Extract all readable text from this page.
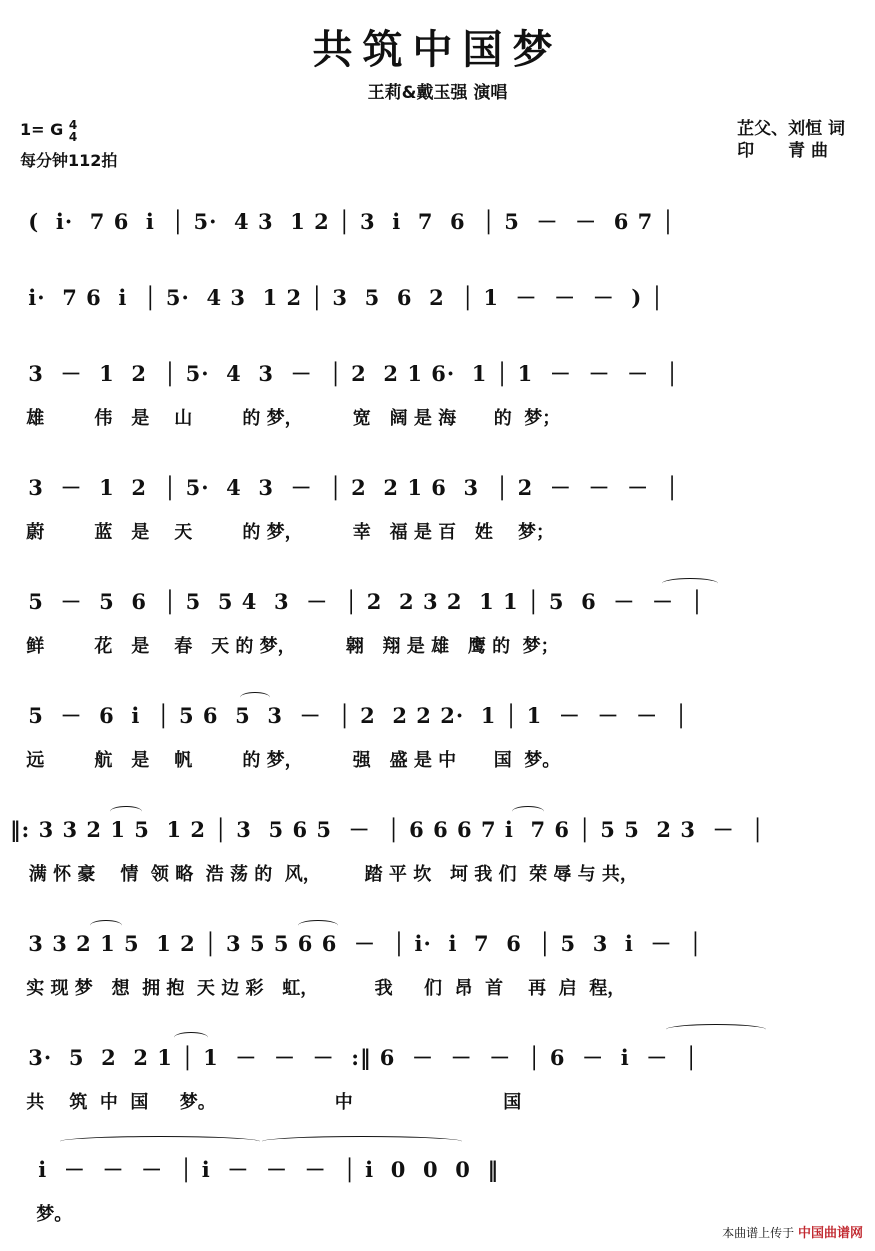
共筑中国梦
王莉&戴玉强 演唱
1= G 4
4
每分钟112拍
芷父、刘恒 词
印　　青 曲
(  i·  7 6  i  │ 5·  4 3  1 2 │ 3  i  7  6  │ 5  －  －  6 7 │
i·  7 6  i  │ 5·  4 3  1 2 │ 3  5  6  2  │ 1  －  －  －  ) │
3  －  1  2  │ 5·  4  3  －  │ 2  2 1 6·  1 │ 1  －  －  －  │
雄        伟   是    山        的 梦，        宽   阔 是 海      的  梦；
3  －  1  2  │ 5·  4  3  －  │ 2  2 1 6  3  │ 2  －  －  －  │
蔚        蓝   是    天        的 梦，        幸   福 是 百   姓    梦；
5  －  5  6  │ 5  5 4  3  －  │ 2  2 3 2  1 1 │ 5  6  －  －  │
鲜        花   是    春   天 的 梦，        翱   翔 是 雄   鹰 的  梦；
5  －  6  i  │ 5 6  5  3  －  │ 2  2 2 2·  1 │ 1  －  －  －  │
远        航   是    帆        的 梦，        强   盛 是 中      国  梦。
‖: 3 3 2 1 5  1 2 │ 3  5 6 5  －  │ 6 6 6 7 i  7 6 │ 5 5  2 3  －  │
满 怀 豪    情  领 略  浩 荡 的  风，       踏 平 坎   坷 我 们  荣 辱 与 共，
3 3 2 1 5  1 2 │ 3 5 5 6 6  －  │ i·  i  7  6  │ 5  3  i  －  │
实 现 梦   想  拥 抱  天 边 彩   虹，         我     们  昂  首    再  启  程，
3·  5  2  2 1 │ 1  －  －  －  :‖ 6  －  －  －  │ 6  －  i  －  │
共    筑  中  国     梦。                   中                        国
i  －  －  －  │ i  －  －  －  │ i  0  0  0  ‖
梦。
本曲谱上传于 中国曲谱网
